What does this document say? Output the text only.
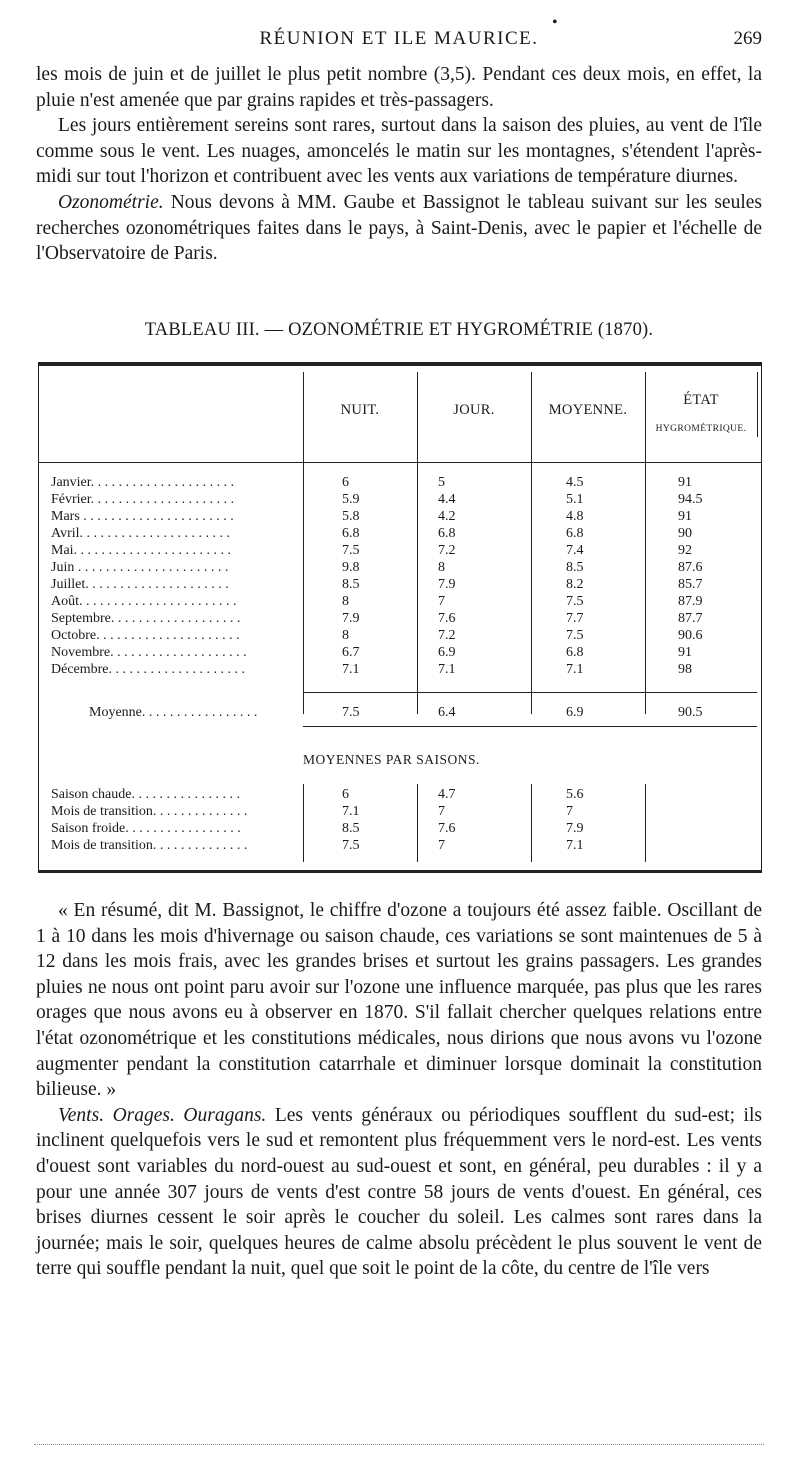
•
RÉUNION ET ILE MAURICE.	269

les mois de juin et de juillet le plus petit nombre (3,5). Pendant ces deux mois, en effet, la pluie n'est amenée que par grains rapides et très-passagers.

Les jours entièrement sereins sont rares, surtout dans la saison des pluies, au vent de l'île comme sous le vent. Les nuages, amoncelés le matin sur les montagnes, s'étendent l'après-midi sur tout l'horizon et contribuent avec les vents aux variations de température diurnes.

Ozonométrie. Nous devons à MM. Gaube et Bassignot le tableau suivant sur les seules recherches ozonométriques faites dans le pays, à Saint-Denis, avec le papier et l'échelle de l'Observatoire de Paris.

TABLEAU III. — OZONOMÉTRIE ET HYGROMÉTRIE (1870).
NUIT.	JOUR.	MOYENNE.
ÉTAT
HYGROMÉTRIQUE.
Janvier. . . . . . . . . . . . . . . . . . . . .	6	5	4.5	91
Février. . . . . . . . . . . . . . . . . . . . .	5.9	4.4	5.1	94.5
Mars . . . . . . . . . . . . . . . . . . . . . .	5.8	4.2	4.8	91
Avril. . . . . . . . . . . . . . . . . . . . . .	6.8	6.8	6.8	90
Mai. . . . . . . . . . . . . . . . . . . . . . .	7.5	7.2	7.4	92
Juin . . . . . . . . . . . . . . . . . . . . . .	9.8	8	8.5	87.6
Juillet. . . . . . . . . . . . . . . . . . . . .	8.5	7.9	8.2	85.7
Août. . . . . . . . . . . . . . . . . . . . . . .	8	7	7.5	87.9
Septembre. . . . . . . . . . . . . . . . . . .	7.9	7.6	7.7	87.7
Octobre. . . . . . . . . . . . . . . . . . . . .	8	7.2	7.5	90.6
Novembre. . . . . . . . . . . . . . . . . . . .	6.7	6.9	6.8	91
Décembre. . . . . . . . . . . . . . . . . . . .	7.1	7.1	7.1	98
Moyenne. . . . . . . . . . . . . . . . .	7.5	6.4	6.9	90.5
MOYENNES PAR SAISONS.
Saison chaude. . . . . . . . . . . . . . . .	6	4.7	5.6
Mois de transition. . . . . . . . . . . . . .	7.1	7	7
Saison froide. . . . . . . . . . . . . . . . .	8.5	7.6	7.9
Mois de transition. . . . . . . . . . . . . .	7.5	7	7.1

« En résumé, dit M. Bassignot, le chiffre d'ozone a toujours été assez faible. Oscillant de 1 à 10 dans les mois d'hivernage ou saison chaude, ces variations se sont maintenues de 5 à 12 dans les mois frais, avec les grandes brises et surtout les grains passagers. Les grandes pluies ne nous ont point paru avoir sur l'ozone une influence marquée, pas plus que les rares orages que nous avons eu à observer en 1870. S'il fallait chercher quelques relations entre l'état ozonométrique et les constitutions médicales, nous dirions que nous avons vu l'ozone augmenter pendant la constitution catarrhale et diminuer lorsque dominait la constitution bilieuse. »

Vents. Orages. Ouragans. Les vents généraux ou périodiques soufflent du sud-est; ils inclinent quelquefois vers le sud et remontent plus fréquemment vers le nord-est. Les vents d'ouest sont variables du nord-ouest au sud-ouest et sont, en général, peu durables : il y a pour une année 307 jours de vents d'est contre 58 jours de vents d'ouest. En général, ces brises diurnes cessent le soir après le coucher du soleil. Les calmes sont rares dans la journée; mais le soir, quelques heures de calme absolu précèdent le plus souvent le vent de terre qui souffle pendant la nuit, quel que soit le point de la côte, du centre de l'île vers
